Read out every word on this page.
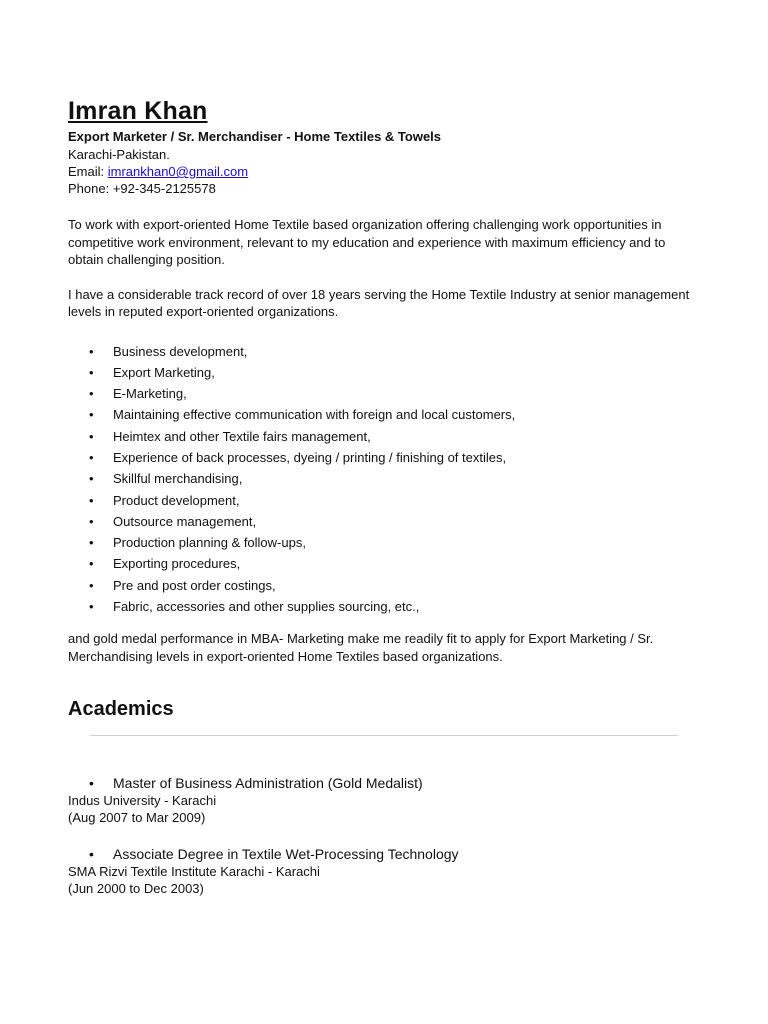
Imran Khan
Export Marketer / Sr. Merchandiser - Home Textiles & Towels
Karachi-Pakistan.
Email: imrankhan0@gmail.com
Phone: +92-345-2125578
To work with export-oriented Home Textile based organization offering challenging work opportunities in competitive work environment, relevant to my education and experience with maximum efficiency and to obtain challenging position.
I have a considerable track record of over 18 years serving the Home Textile Industry at senior management levels in reputed export-oriented organizations.
• Business development,
• Export Marketing,
• E-Marketing,
• Maintaining effective communication with foreign and local customers,
• Heimtex and other Textile fairs management,
• Experience of back processes, dyeing / printing / finishing of textiles,
• Skillful merchandising,
• Product development,
• Outsource management,
• Production planning & follow-ups,
• Exporting procedures,
• Pre and post order costings,
• Fabric, accessories and other supplies sourcing, etc.,
and gold medal performance in MBA- Marketing make me readily fit to apply for Export Marketing / Sr. Merchandising levels in export-oriented Home Textiles based organizations.
Academics
• Master of Business Administration (Gold Medalist)
Indus University - Karachi
(Aug 2007 to Mar 2009)
• Associate Degree in Textile Wet-Processing Technology
SMA Rizvi Textile Institute Karachi - Karachi
(Jun 2000 to Dec 2003)
